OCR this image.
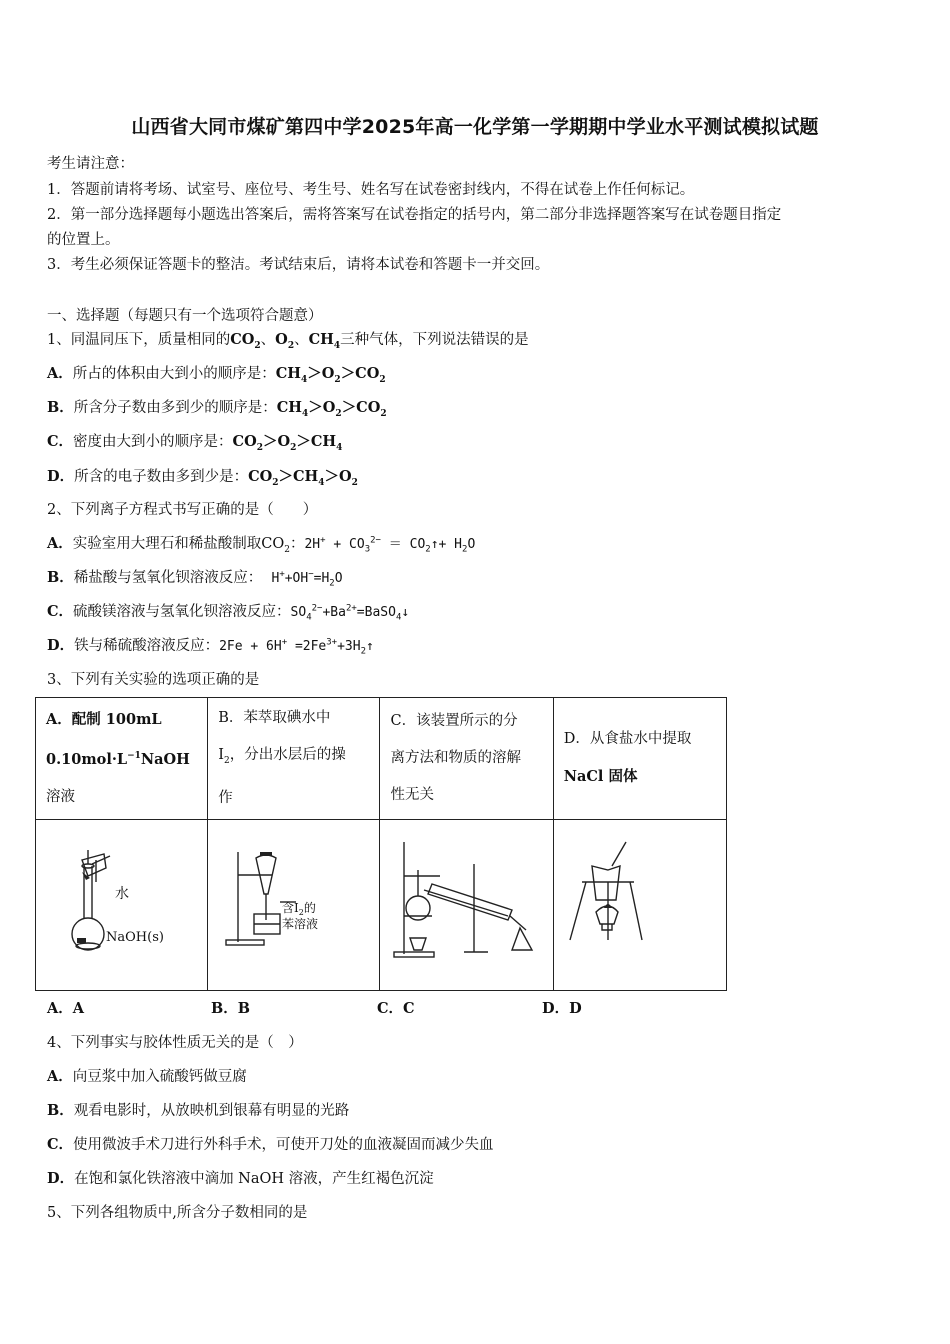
山西省大同市煤矿第四中学2025年高一化学第一学期期中学业水平测试模拟试题
考生请注意：
1．答题前请将考场、试室号、座位号、考生号、姓名写在试卷密封线内，不得在试卷上作任何标记。
2．第一部分选择题每小题选出答案后，需将答案写在试卷指定的括号内，第二部分非选择题答案写在试卷题目指定
的位置上。
3．考生必须保证答题卡的整洁。考试结束后，请将本试卷和答题卡一并交回。
一、选择题（每题只有一个选项符合题意）
1、同温同压下，质量相同的$CO_2$、$O_2$、$CH_4$三种气体，下列说法错误的是
A．所占的体积由大到小的顺序是：$CH_4>O_2>CO_2$
B．所含分子数由多到少的顺序是：$CH_4>O_2>CO_2$
C．密度由大到小的顺序是：$CO_2>O_2>CH_4$
D．所含的电子数由多到少是：$CO_2>CH_4>O_2$
2、下列离子方程式书写正确的是（　　）
A．实验室用大理石和稀盐酸制取$CO_2$：$2H^+ + CO_3^{2-}$ ＝ $CO_2↑+ H_2O$
B．稀盐酸与氢氧化钡溶液反应： $H^++OH^-=H_2O$
C．硫酸镁溶液与氢氧化钡溶液反应：$SO_4^{2-}+Ba^{2+}=BaSO_4↓$
D．铁与稀硫酸溶液反应：$2Fe + 6H^+ =2Fe^{3+}+3H_2↑$
3、下列有关实验的选项正确的是
A．配制 100mL
$0.10mol\cdot L^{-1}NaOH$
溶液	B．苯萃取碘水中
$I_2$，分出水层后的操
作	C．该装置所示的分
离方法和物质的溶解
性无关	D．从食盐水中提取
NaCl 固体

水
NaOH(s)	含$I_2$的
苯溶液

A．A	B．B	C．C	D．D
4、下列事实与胶体性质无关的是（　）
A．向豆浆中加入硫酸钙做豆腐
B．观看电影时，从放映机到银幕有明显的光路
C．使用微波手术刀进行外科手术，可使开刀处的血液凝固而减少失血
D．在饱和氯化铁溶液中滴加 NaOH 溶液，产生红褐色沉淀
5、下列各组物质中,所含分子数相同的是
